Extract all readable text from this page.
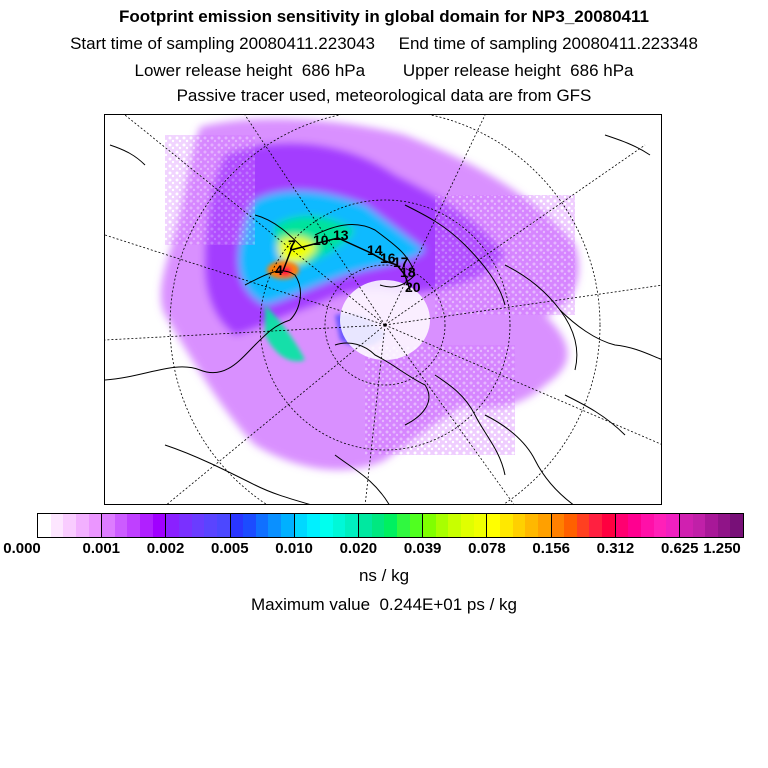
Footprint emission sensitivity in global domain for NP3_20080411
Start time of sampling 20080411.223043     End time of sampling 20080411.223348
Lower release height  686 hPa        Upper release height  686 hPa
Passive tracer used, meteorological data are from GFS
4
7 10 13
14
16
17
18
20
0.000	0.001 0.002 0.005 0.010 0.020 0.039 0.078 0.156 0.312 0.625 1.250
ns / kg
Maximum value  0.244E+01 ps / kg
